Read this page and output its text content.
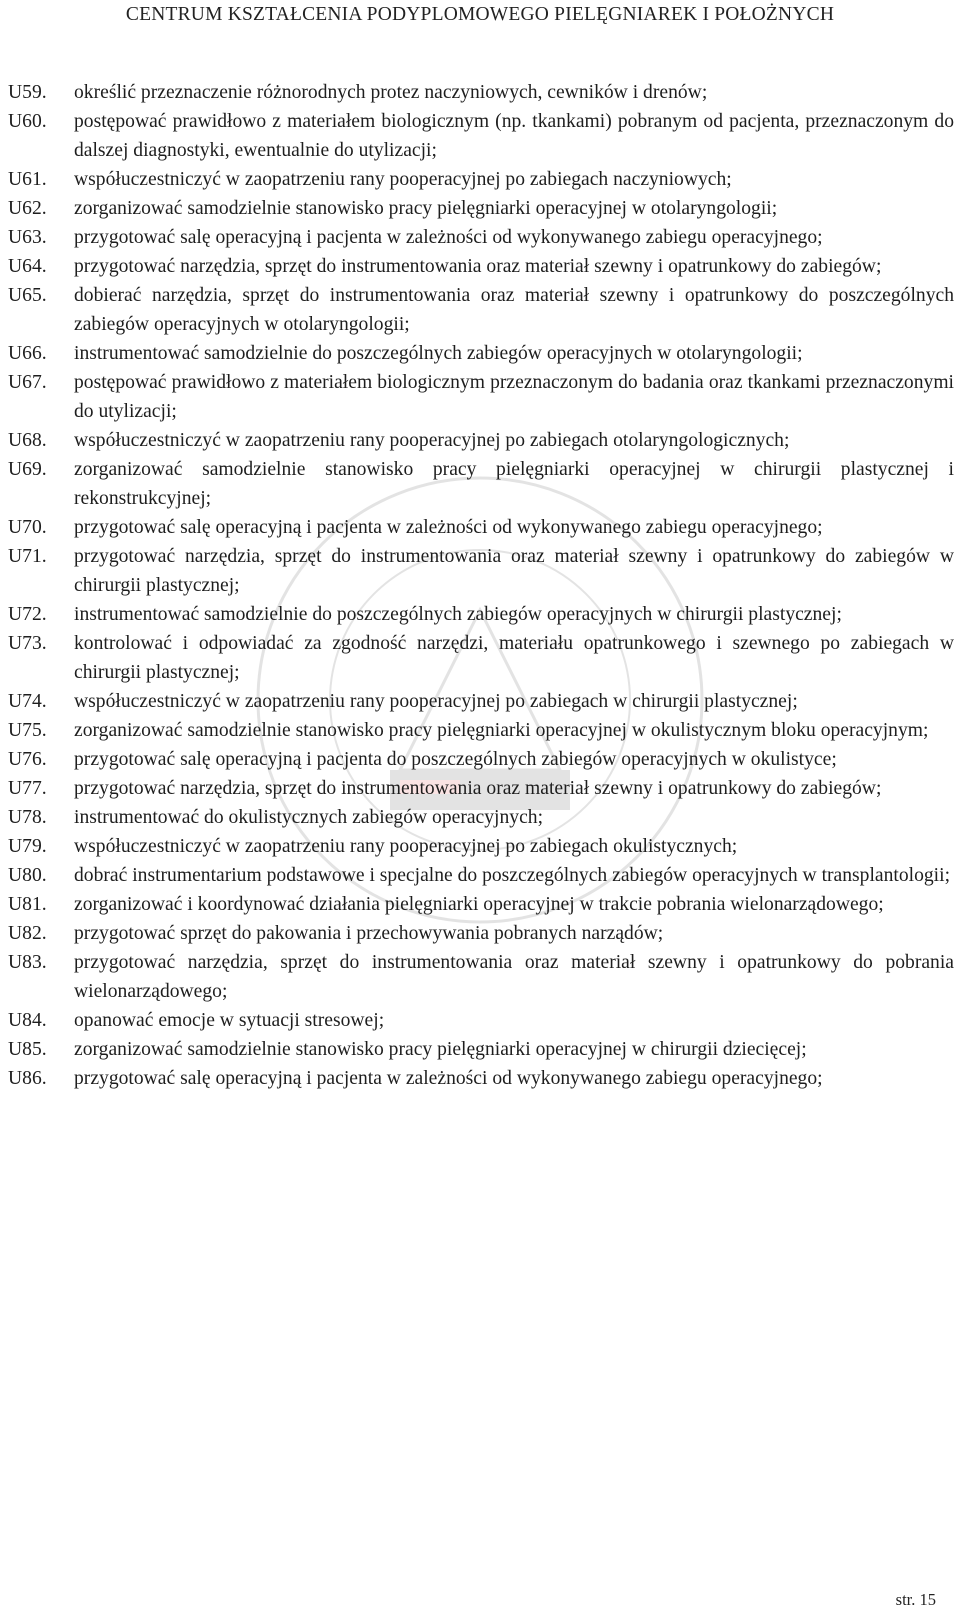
CENTRUM KSZTAŁCENIA PODYPLOMOWEGO PIELĘGNIAREK I POŁOŻNYCH
U59.	określić przeznaczenie różnorodnych protez naczyniowych, cewników i drenów;
U60.	postępować prawidłowo z materiałem biologicznym (np. tkankami) pobranym od pacjenta, przeznaczonym do dalszej diagnostyki, ewentualnie do utylizacji;
U61.	współuczestniczyć w zaopatrzeniu rany pooperacyjnej po zabiegach naczyniowych;
U62.	zorganizować samodzielnie stanowisko pracy pielęgniarki operacyjnej w otolaryngologii;
U63.	przygotować salę operacyjną i pacjenta w zależności od wykonywanego zabiegu operacyjnego;
U64.	przygotować narzędzia, sprzęt do instrumentowania oraz materiał szewny i opatrunkowy do zabiegów;
U65.	dobierać narzędzia, sprzęt do instrumentowania oraz materiał szewny i opatrunkowy do poszczególnych zabiegów operacyjnych w otolaryngologii;
U66.	instrumentować samodzielnie do poszczególnych zabiegów operacyjnych w otolaryngologii;
U67.	postępować prawidłowo z materiałem biologicznym przeznaczonym do badania oraz tkankami przeznaczonymi do utylizacji;
U68.	współuczestniczyć w zaopatrzeniu rany pooperacyjnej po zabiegach otolaryngologicznych;
U69.	zorganizować samodzielnie stanowisko pracy pielęgniarki operacyjnej w chirurgii plastycznej i rekonstrukcyjnej;
U70.	przygotować salę operacyjną i pacjenta w zależności od wykonywanego zabiegu operacyjnego;
U71.	przygotować narzędzia, sprzęt do instrumentowania oraz materiał szewny i opatrunkowy do zabiegów w chirurgii plastycznej;
U72.	instrumentować samodzielnie do poszczególnych zabiegów operacyjnych w chirurgii plastycznej;
U73.	kontrolować i odpowiadać za zgodność narzędzi, materiału opatrunkowego i szewnego po zabiegach w chirurgii plastycznej;
U74.	współuczestniczyć w zaopatrzeniu rany pooperacyjnej po zabiegach w chirurgii plastycznej;
U75.	zorganizować samodzielnie stanowisko pracy pielęgniarki operacyjnej w okulistycznym bloku operacyjnym;
U76.	przygotować salę operacyjną i pacjenta do poszczególnych zabiegów operacyjnych w okulistyce;
U77.	przygotować narzędzia, sprzęt do instrumentowania oraz materiał szewny i opatrunkowy do zabiegów;
U78.	instrumentować do okulistycznych zabiegów operacyjnych;
U79.	współuczestniczyć w zaopatrzeniu rany pooperacyjnej po zabiegach okulistycznych;
U80.	dobrać instrumentarium podstawowe i specjalne do poszczególnych zabiegów operacyjnych w transplantologii;
U81.	zorganizować i koordynować działania pielęgniarki operacyjnej w trakcie pobrania wielonarządowego;
U82.	przygotować sprzęt do pakowania i przechowywania pobranych narządów;
U83.	przygotować narzędzia, sprzęt do instrumentowania oraz materiał szewny i opatrunkowy do pobrania wielonarządowego;
U84.	opanować emocje w sytuacji stresowej;
U85.	zorganizować samodzielnie stanowisko pracy pielęgniarki operacyjnej w chirurgii dziecięcej;
U86.	przygotować salę operacyjną i pacjenta w zależności od wykonywanego zabiegu operacyjnego;
str. 15
